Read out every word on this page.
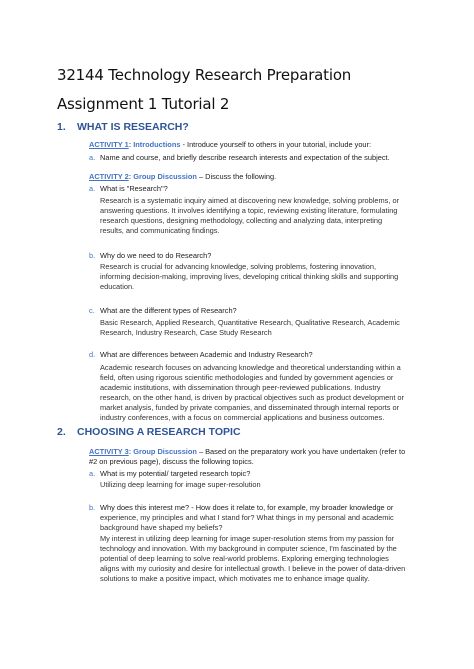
32144 Technology Research Preparation
Assignment 1 Tutorial 2
1. WHAT IS RESEARCH?
ACTIVITY 1: Introductions - Introduce yourself to others in your tutorial, include your:
a. Name and course, and briefly describe research interests and expectation of the subject.
ACTIVITY 2: Group Discussion – Discuss the following.
a. What is "Research"?
Research is a systematic inquiry aimed at discovering new knowledge, solving problems, or
answering questions. It involves identifying a topic, reviewing existing literature, formulating
research questions, designing methodology, collecting and analyzing data, interpreting
results, and communicating findings.
b. Why do we need to do Research?
Research is crucial for advancing knowledge, solving problems, fostering innovation,
informing decision-making, improving lives, developing critical thinking skills and supporting
education.
c. What are the different types of Research?
Basic Research, Applied Research, Quantitative Research, Qualitative Research, Academic
Research, Industry Research, Case Study Research
d. What are differences between Academic and Industry Research?
Academic research focuses on advancing knowledge and theoretical understanding within a
field, often using rigorous scientific methodologies and funded by government agencies or
academic institutions, with dissemination through peer-reviewed publications. Industry
research, on the other hand, is driven by practical objectives such as product development or
market analysis, funded by private companies, and disseminated through internal reports or
industry conferences, with a focus on commercial applications and business outcomes.
2. CHOOSING A RESEARCH TOPIC
ACTIVITY 3: Group Discussion – Based on the preparatory work you have undertaken (refer to
#2 on previous page), discuss the following topics.
a. What is my potential/ targeted research topic?
Utilizing deep learning for image super-resolution
b. Why does this interest me? - How does it relate to, for example, my broader knowledge or
experience, my principles and what I stand for? What things in my personal and academic
background have shaped my beliefs?
My interest in utilizing deep learning for image super-resolution stems from my passion for
technology and innovation. With my background in computer science, I'm fascinated by the
potential of deep learning to solve real-world problems. Exploring emerging technologies
aligns with my curiosity and desire for intellectual growth. I believe in the power of data-driven
solutions to make a positive impact, which motivates me to enhance image quality.
